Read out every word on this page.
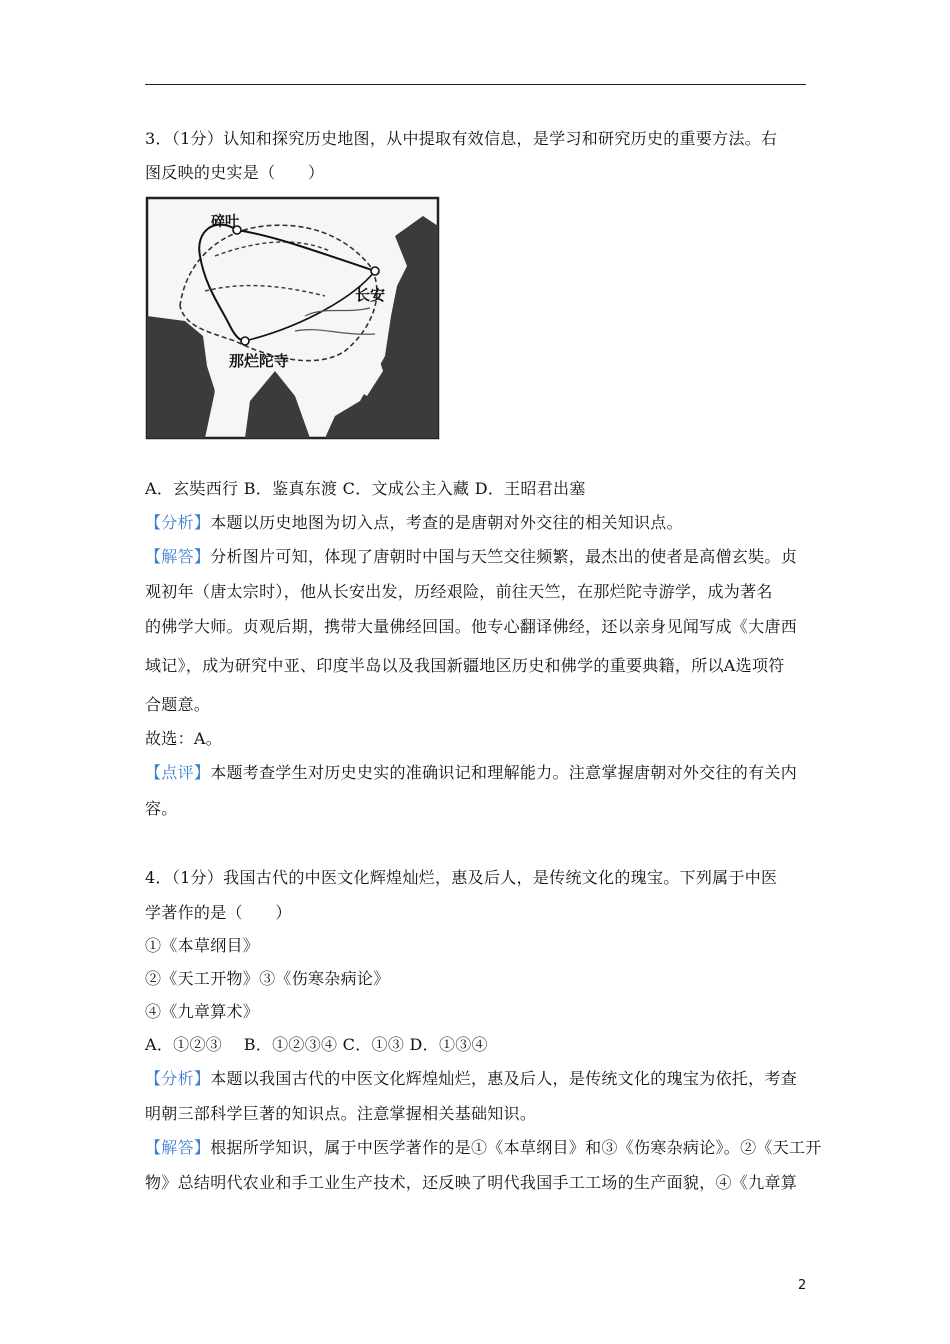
3．（1分）认知和探究历史地图，从中提取有效信息，是学习和研究历史的重要方法。右
图反映的史实是（　　）
碎叶
长安
那烂陀寺
A．玄奘西行 B．鉴真东渡 C．文成公主入藏 D．王昭君出塞
【分析】本题以历史地图为切入点，考查的是唐朝对外交往的相关知识点。
【解答】分析图片可知，体现了唐朝时中国与天竺交往频繁，最杰出的使者是高僧玄奘。贞
观初年（唐太宗时），他从长安出发，历经艰险，前往天竺，在那烂陀寺游学，成为著名
的佛学大师。贞观后期，携带大量佛经回国。他专心翻译佛经，还以亲身见闻写成《大唐西
域记》，成为研究中亚、印度半岛以及我国新疆地区历史和佛学的重要典籍，所以A选项符
合题意。
故选：A。
【点评】本题考查学生对历史史实的准确识记和理解能力。注意掌握唐朝对外交往的有关内
容。
4．（1分）我国古代的中医文化辉煌灿烂，惠及后人，是传统文化的瑰宝。下列属于中医
学著作的是（　　）
①《本草纲目》
②《天工开物》③《伤寒杂病论》
④《九章算术》
A．①②③　 B．①②③④ C．①③ D．①③④
【分析】本题以我国古代的中医文化辉煌灿烂，惠及后人，是传统文化的瑰宝为依托，考查
明朝三部科学巨著的知识点。注意掌握相关基础知识。
【解答】根据所学知识，属于中医学著作的是①《本草纲目》和③《伤寒杂病论》。②《天工开
物》总结明代农业和手工业生产技术，还反映了明代我国手工工场的生产面貌，④《九章算
2
